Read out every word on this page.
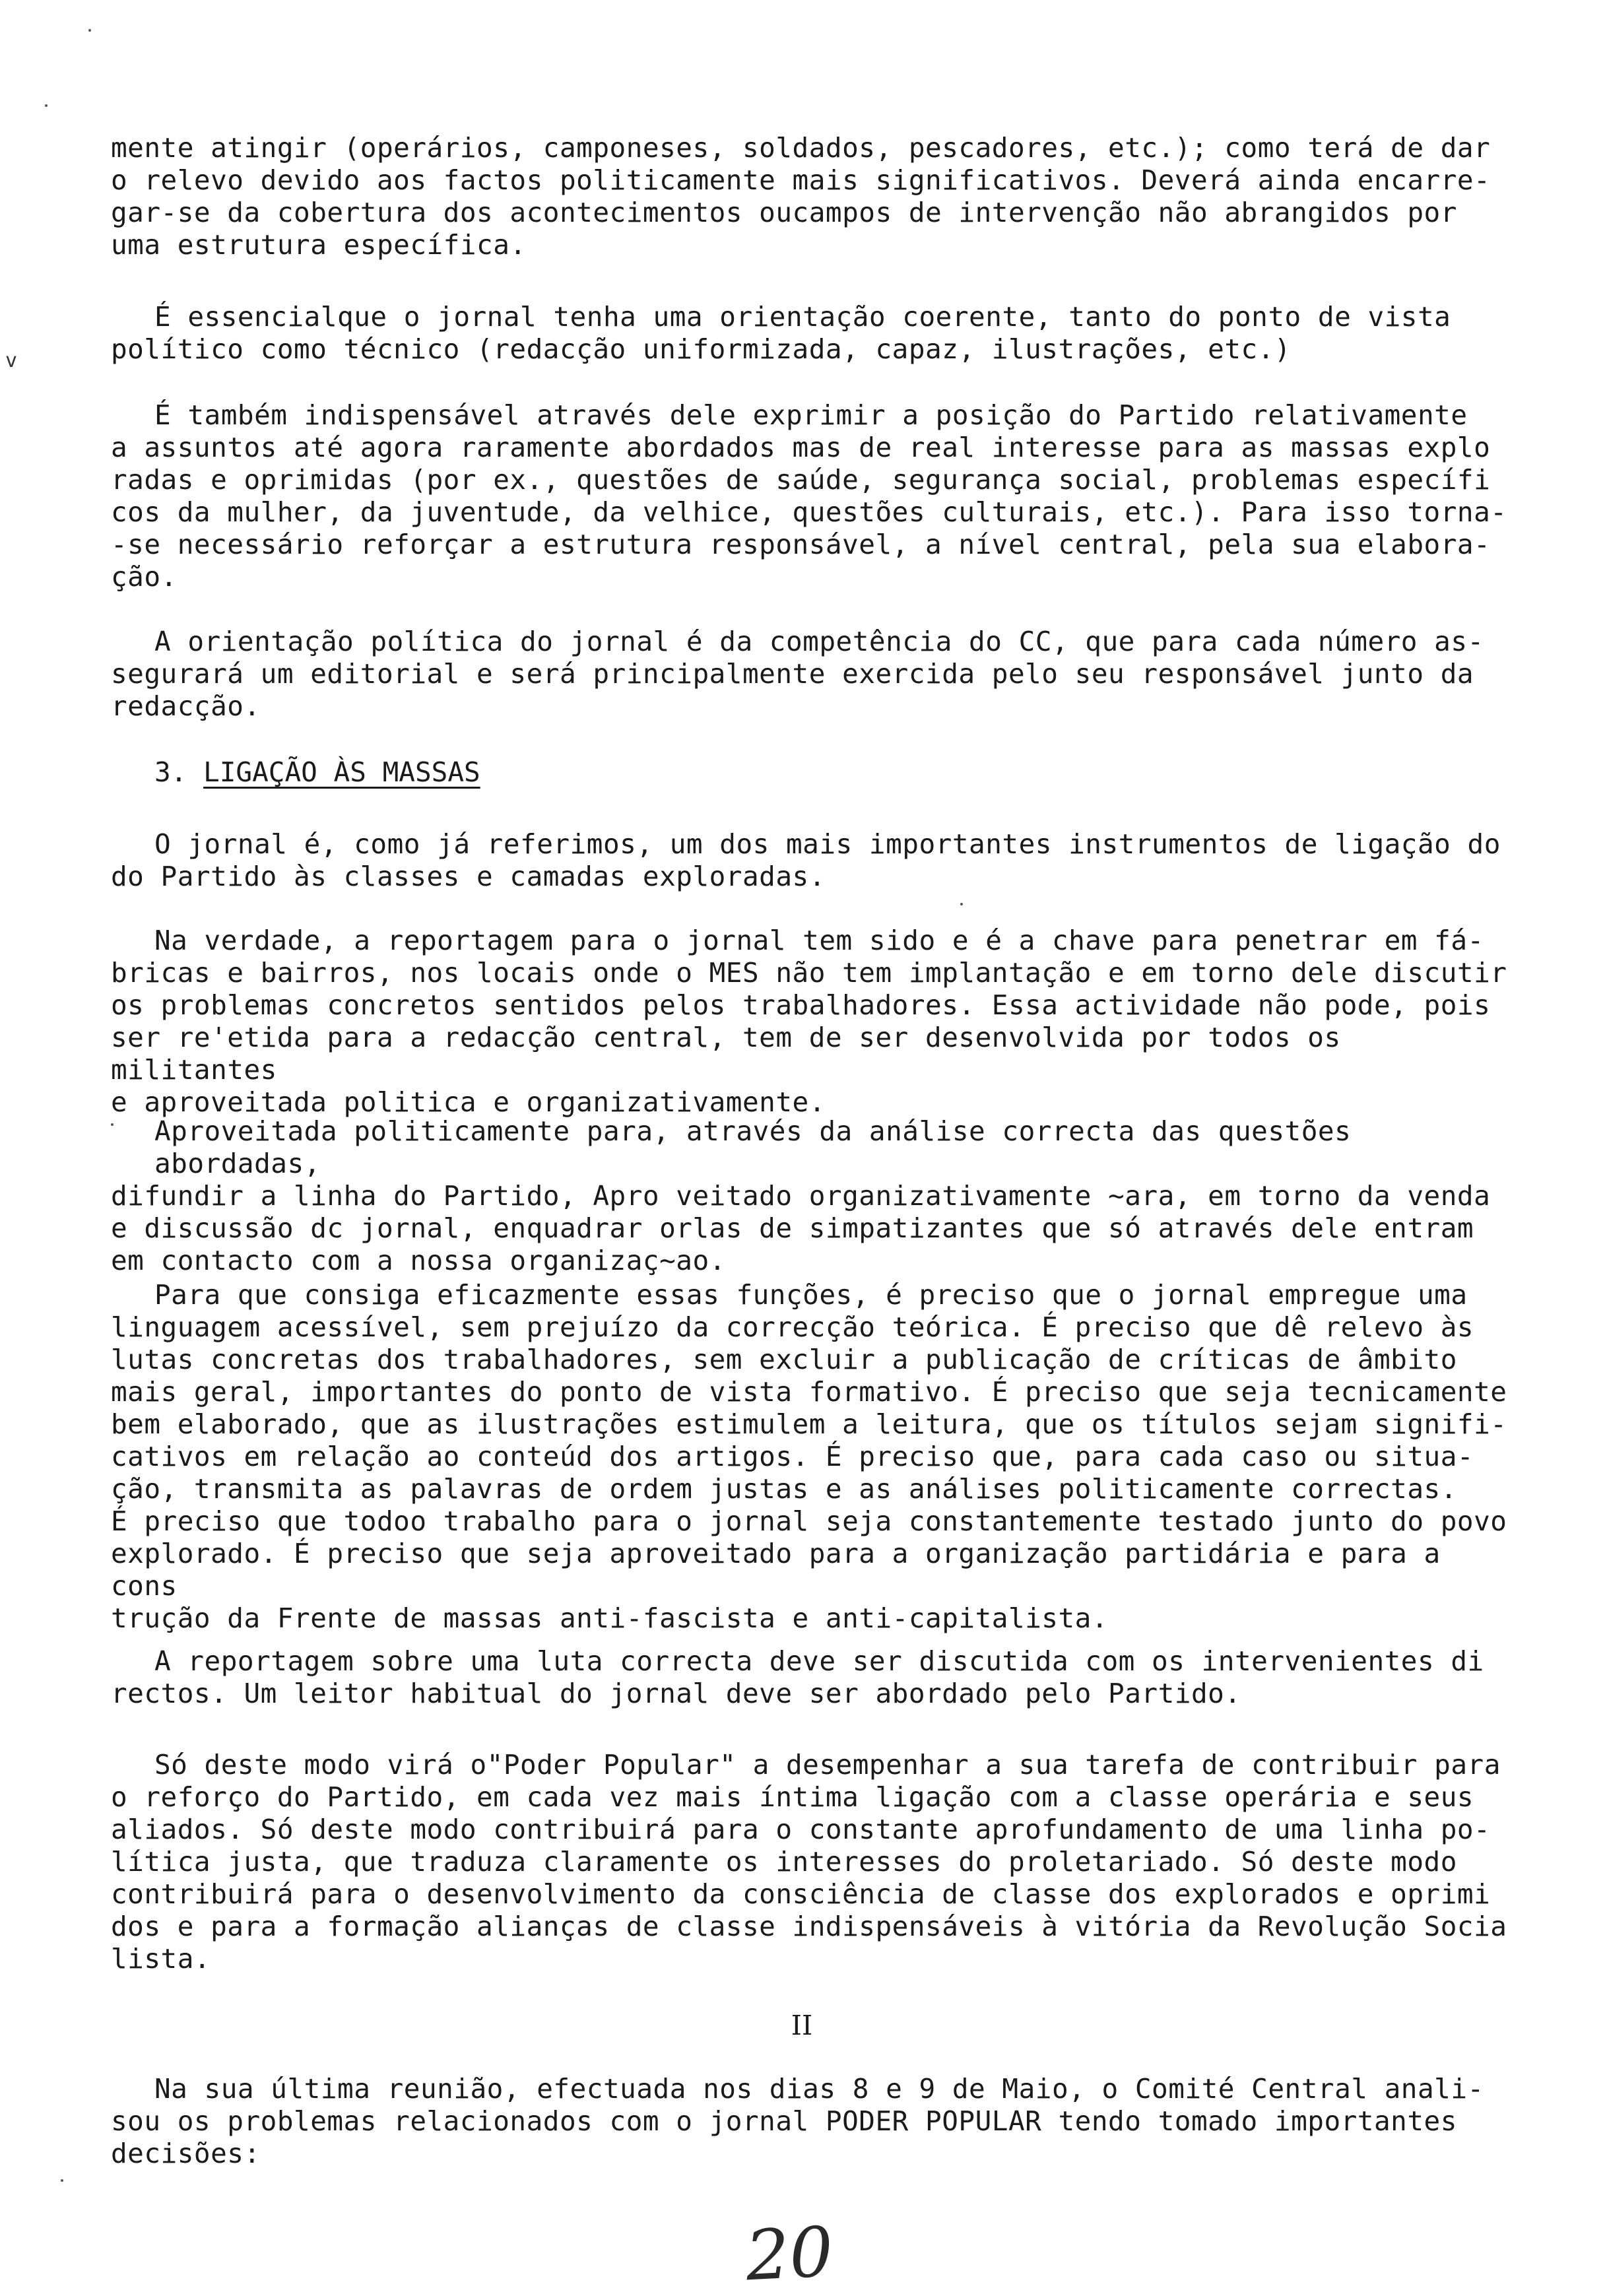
v

mente atingir (operários, camponeses, soldados, pescadores, etc.); como terá de dar
o relevo devido aos factos politicamente mais significativos. Deverá ainda encarre-
gar-se da cobertura dos acontecimentos oucampos de intervenção não abrangidos por
uma estrutura específica.

É essencialque o jornal tenha uma orientação coerente, tanto do ponto de vista
político como técnico (redacção uniformizada, capaz, ilustrações, etc.)

É também indispensável através dele exprimir a posição do Partido relativamente
a assuntos até agora raramente abordados mas de real interesse para as massas explo
radas e oprimidas (por ex., questões de saúde, segurança social, problemas específi
cos da mulher, da juventude, da velhice, questões culturais, etc.). Para isso torna-
-se necessário reforçar a estrutura responsável, a nível central, pela sua elabora-
ção.

A orientação política do jornal é da competência do CC, que para cada número as-
segurará um editorial e será principalmente exercida pelo seu responsável junto da
redacção.

3. LIGAÇÃO ÀS MASSAS

O jornal é, como já referimos, um dos mais importantes instrumentos de ligação do
do Partido às classes e camadas exploradas.

Na verdade, a reportagem para o jornal tem sido e é a chave para penetrar em fá-
bricas e bairros, nos locais onde o MES não tem implantação e em torno dele discutir
os problemas concretos sentidos pelos trabalhadores. Essa actividade não pode, pois
ser re'etida para a redacção central, tem de ser desenvolvida por todos os militantes
e aproveitada politica e organizativamente.

Aproveitada politicamente para, através da análise correcta das questões abordadas,
difundir a linha do Partido, Apro veitado organizativamente ~ara, em torno da venda
e discussão dc jornal, enquadrar orlas de simpatizantes que só através dele entram
em contacto com a nossa organizaç~ao.

Para que consiga eficazmente essas funções, é preciso que o jornal empregue uma
linguagem acessível, sem prejuízo da correcção teórica. É preciso que dê relevo às
lutas concretas dos trabalhadores, sem excluir a publicação de críticas de âmbito
mais geral, importantes do ponto de vista formativo. É preciso que seja tecnicamente
bem elaborado, que as ilustrações estimulem a leitura, que os títulos sejam signifi-
cativos em relação ao conteúd dos artigos. É preciso que, para cada caso ou situa-
ção, transmita as palavras de ordem justas e as análises politicamente correctas.
É preciso que todoo trabalho para o jornal seja constantemente testado junto do povo
explorado. É preciso que seja aproveitado para a organização partidária e para a cons
trução da Frente de massas anti-fascista e anti-capitalista.

A reportagem sobre uma luta correcta deve ser discutida com os intervenientes di
rectos. Um leitor habitual do jornal deve ser abordado pelo Partido.

Só deste modo virá o"Poder Popular" a desempenhar a sua tarefa de contribuir para
o reforço do Partido, em cada vez mais íntima ligação com a classe operária e seus
aliados. Só deste modo contribuirá para o constante aprofundamento de uma linha po-
lítica justa, que traduza claramente os interesses do proletariado. Só deste modo
contribuirá para o desenvolvimento da consciência de classe dos explorados e oprimi
dos e para a formação alianças de classe indispensáveis à vitória da Revolução Socia
lista.

II

Na sua última reunião, efectuada nos dias 8 e 9 de Maio, o Comité Central anali-
sou os problemas relacionados com o jornal PODER POPULAR tendo tomado importantes
decisões:

20
